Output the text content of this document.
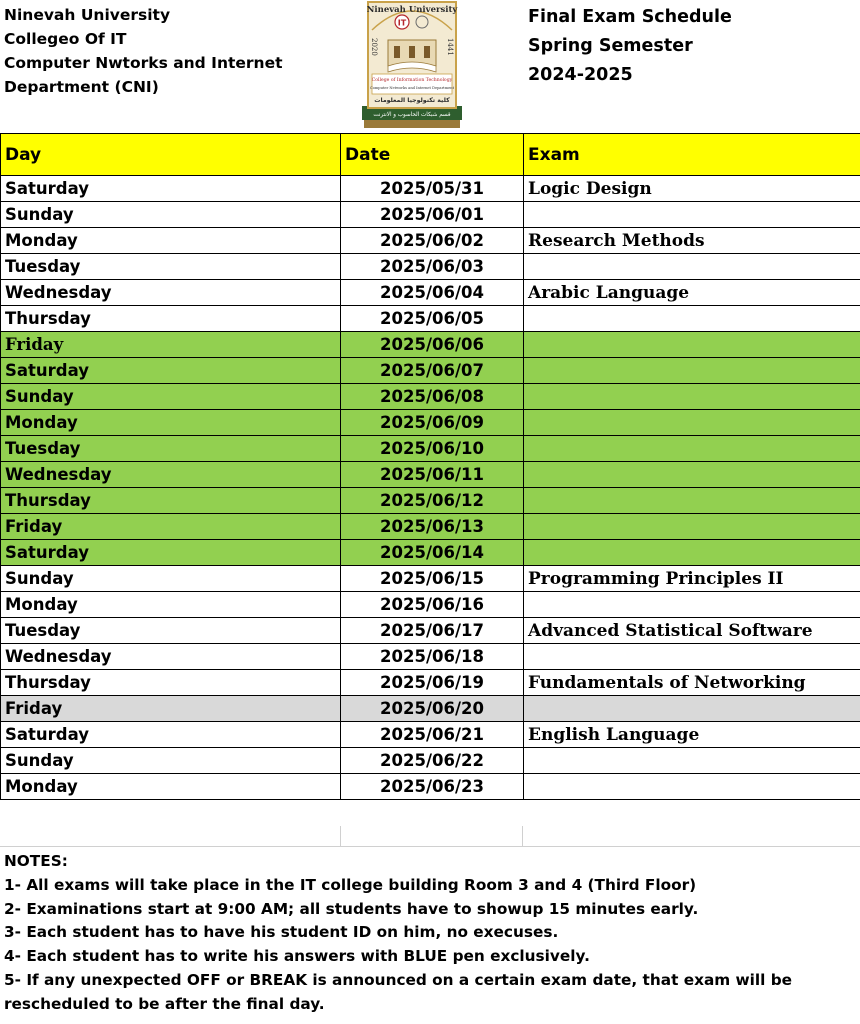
Ninevah University
Collegeo Of IT
Computer Nwtorks and Internet
Department (CNI)
Ninevah University
2020	1441
IT
College of Information Technology
Computer Networks and Internet Department
كلية تكنولوجيا المعلومات
قسم شبكات الحاسوب و الانترنت
Final Exam Schedule
Spring Semester
2024-2025
Day	Date	Exam
Saturday	2025/05/31	Logic Design
Sunday	2025/06/01	
Monday	2025/06/02	Research Methods
Tuesday	2025/06/03	
Wednesday	2025/06/04	Arabic Language
Thursday	2025/06/05	
Friday	2025/06/06	
Saturday	2025/06/07	
Sunday	2025/06/08	
Monday	2025/06/09	
Tuesday	2025/06/10	
Wednesday	2025/06/11	
Thursday	2025/06/12	
Friday	2025/06/13	
Saturday	2025/06/14	
Sunday	2025/06/15	Programming Principles II
Monday	2025/06/16	
Tuesday	2025/06/17	Advanced Statistical Software
Wednesday	2025/06/18	
Thursday	2025/06/19	Fundamentals of Networking
Friday	2025/06/20	
Saturday	2025/06/21	English Language
Sunday	2025/06/22	
Monday	2025/06/23	
NOTES:
1- All exams will take place in the IT college building Room 3 and 4 (Third Floor)
2- Examinations start at 9:00 AM; all students have to showup 15 minutes early.
3- Each student has to have his student ID on him, no execuses.
4- Each student has to write his answers with BLUE pen exclusively.
5- If any unexpected OFF or BREAK is announced on a certain exam date, that exam will be rescheduled to be after the final day.
